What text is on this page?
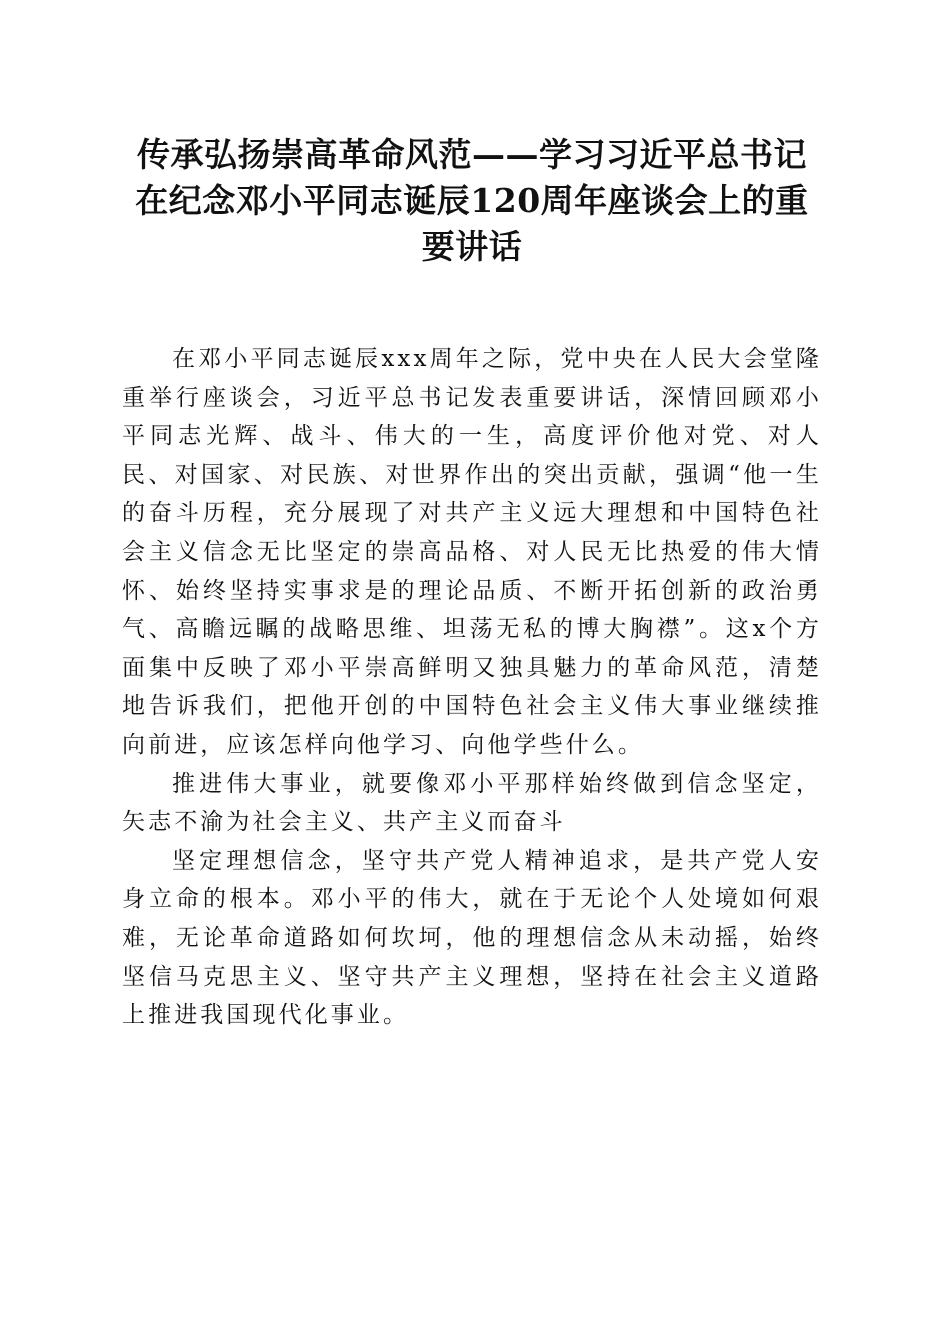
传承弘扬崇高革命风范——学习习近平总书记
在纪念邓小平同志诞辰120周年座谈会上的重
要讲话

在邓小平同志诞辰xxx周年之际，党中央在人民大会堂隆重举行座谈会，习近平总书记发表重要讲话，深情回顾邓小平同志光辉、战斗、伟大的一生，高度评价他对党、对人民、对国家、对民族、对世界作出的突出贡献，强调“他一生的奋斗历程，充分展现了对共产主义远大理想和中国特色社会主义信念无比坚定的崇高品格、对人民无比热爱的伟大情怀、始终坚持实事求是的理论品质、不断开拓创新的政治勇气、高瞻远瞩的战略思维、坦荡无私的博大胸襟”。这x个方面集中反映了邓小平崇高鲜明又独具魅力的革命风范，清楚地告诉我们，把他开创的中国特色社会主义伟大事业继续推向前进，应该怎样向他学习、向他学些什么。

推进伟大事业，就要像邓小平那样始终做到信念坚定，矢志不渝为社会主义、共产主义而奋斗

坚定理想信念，坚守共产党人精神追求，是共产党人安身立命的根本。邓小平的伟大，就在于无论个人处境如何艰难，无论革命道路如何坎坷，他的理想信念从未动摇，始终坚信马克思主义、坚守共产主义理想，坚持在社会主义道路上推进我国现代化事业。
